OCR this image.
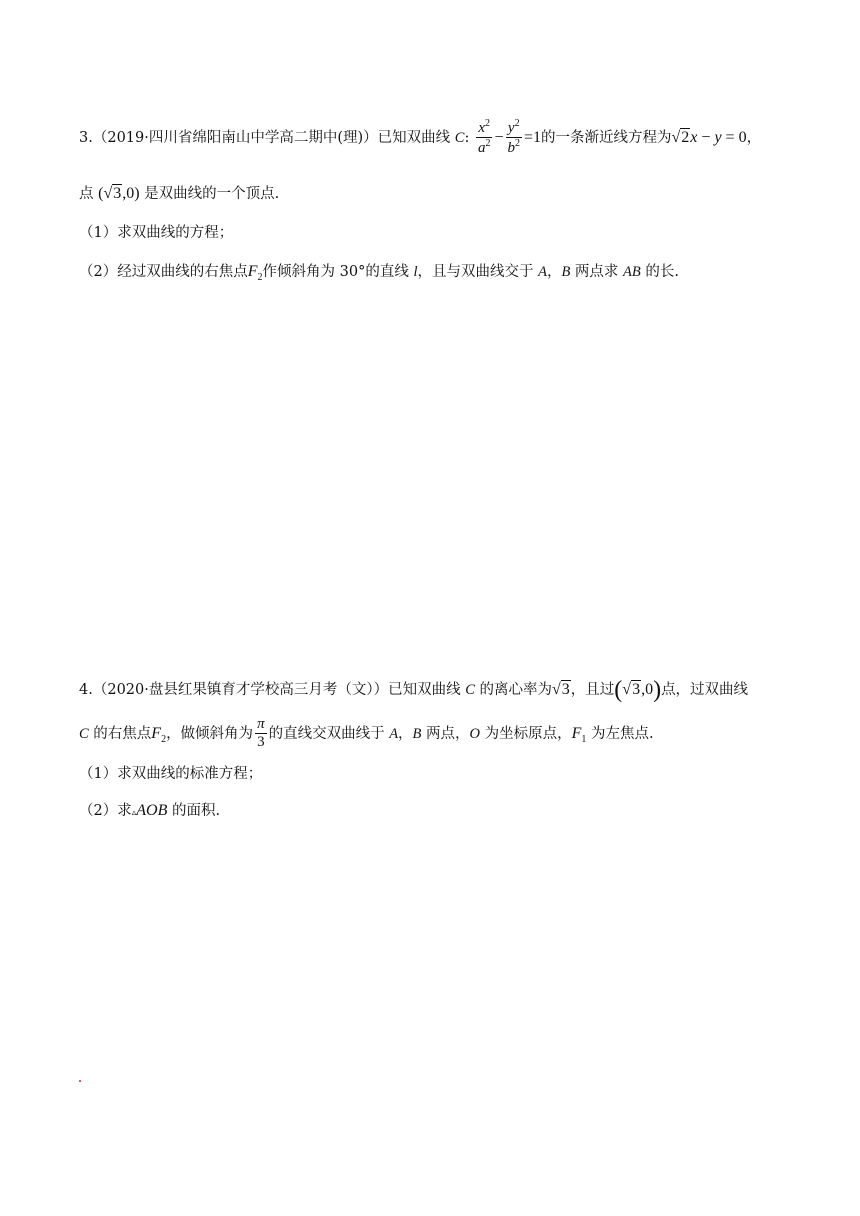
3.（2019·四川省绵阳南山中学高二期中(理)）已知双曲线 C: $\frac{x^2}{a^2} - \frac{y^2}{b^2} =1$的一条渐近线方程为√2x − y = 0，
点 (√3,0) 是双曲线的一个顶点.
（1）求双曲线的方程；
（2）经过双曲线的右焦点$F_2$作倾斜角为 30°的直线 l，且与双曲线交于 A，B 两点求 AB 的长.
4.（2020·盘县红果镇育才学校高三月考（文））已知双曲线 C 的离心率为√3，且过(√3,0)点，过双曲线
C 的右焦点$F_2$，做倾斜角为 $\frac{\pi}{3}$ 的直线交双曲线于 A，B 两点，O 为坐标原点，$F_1$ 为左焦点.
（1）求双曲线的标准方程；
（2）求▵AOB 的面积.
